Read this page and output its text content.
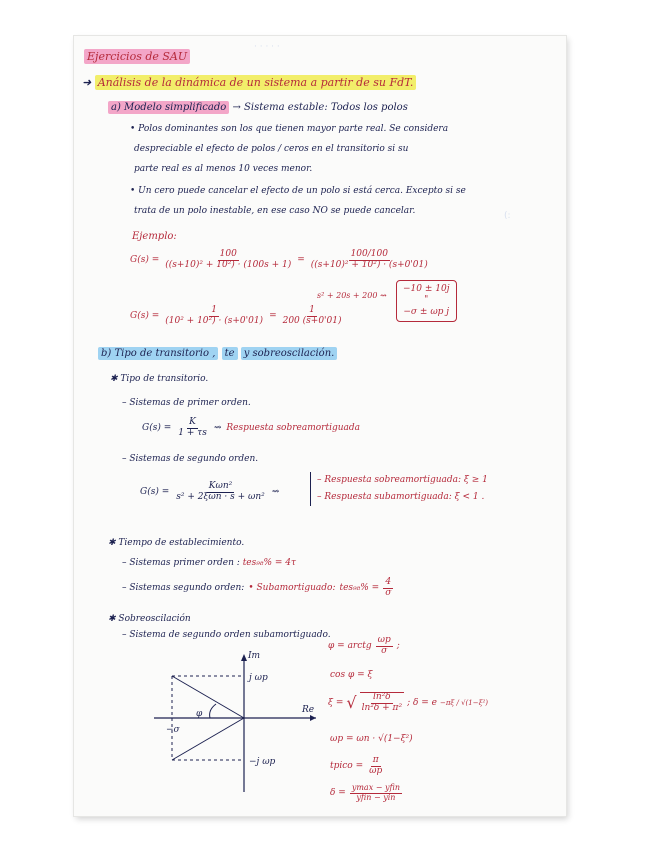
· · · · ·
(:
Ejercicios de SAU
➜ Análisis de la dinámica de un sistema a partir de su FdT.
a) Modelo simplificado → Sistema estable: Todos los polos
• Polos dominantes son los que tienen mayor parte real. Se considera
despreciable el efecto de polos / ceros en el transitorio si su
parte real es al menos 10 veces menor.
• Un cero puede cancelar el efecto de un polo si está cerca. Excepto si se
trata de un polo inestable, en ese caso NO se puede cancelar.
Ejemplo:
$G(s) = \frac{100}{\text{((s+10)² + 10²) · (100s + 1)}} = \frac{100/100}{\text{((s+10)² + 10²) · (s+0'01)}}$
s² + 20s + 200 ⇝
−10 ± 10j
"
−σ ± ωp j
$G(s) = \frac{1}{\text{(10² + 10²) · (s+0'01)}} = \frac{1}{200 (s+0'01)}$
b) Tipo de transitorio , te y sobreoscilación.
✱ Tipo de transitorio.
– Sistemas de primer orden.
$G(s) = \frac{K}{1 + \tau s}$ ⇝ Respuesta sobreamortiguada
– Sistemas de segundo orden.
$G(s) = \frac{\text{Kωn²}}{\text{s² + 2ξωn · s + ωn²}}$ ⇝
– Respuesta sobreamortiguada: ξ ≥ 1
– Respuesta subamortiguada: ξ < 1 .
✱ Tiempo de establecimiento.
– Sistemas primer orden : tes₉₈% = 4τ
– Sistemas segundo orden: • Subamortiguado: $tes_{98}\% = \frac{4}{\sigma}$
✱ Sobreoscilación
– Sistema de segundo orden subamortiguado.
Im
Re
j ωp
−j ωp
φ
−σ
φ = arctg $\frac{\omega p}{\sigma}$ ;
cos φ = ξ
ξ = √ $\frac{\text{ln²δ}}{\text{ln²δ + π²}}$ ; δ = e −πξ / √(1−ξ²)
ωp = ωn · √(1−ξ²)
tpico = $\frac{\pi}{\omega p}$
$\delta = \frac{\text{ymax − yfin}}{\text{yfin − yin}}$
